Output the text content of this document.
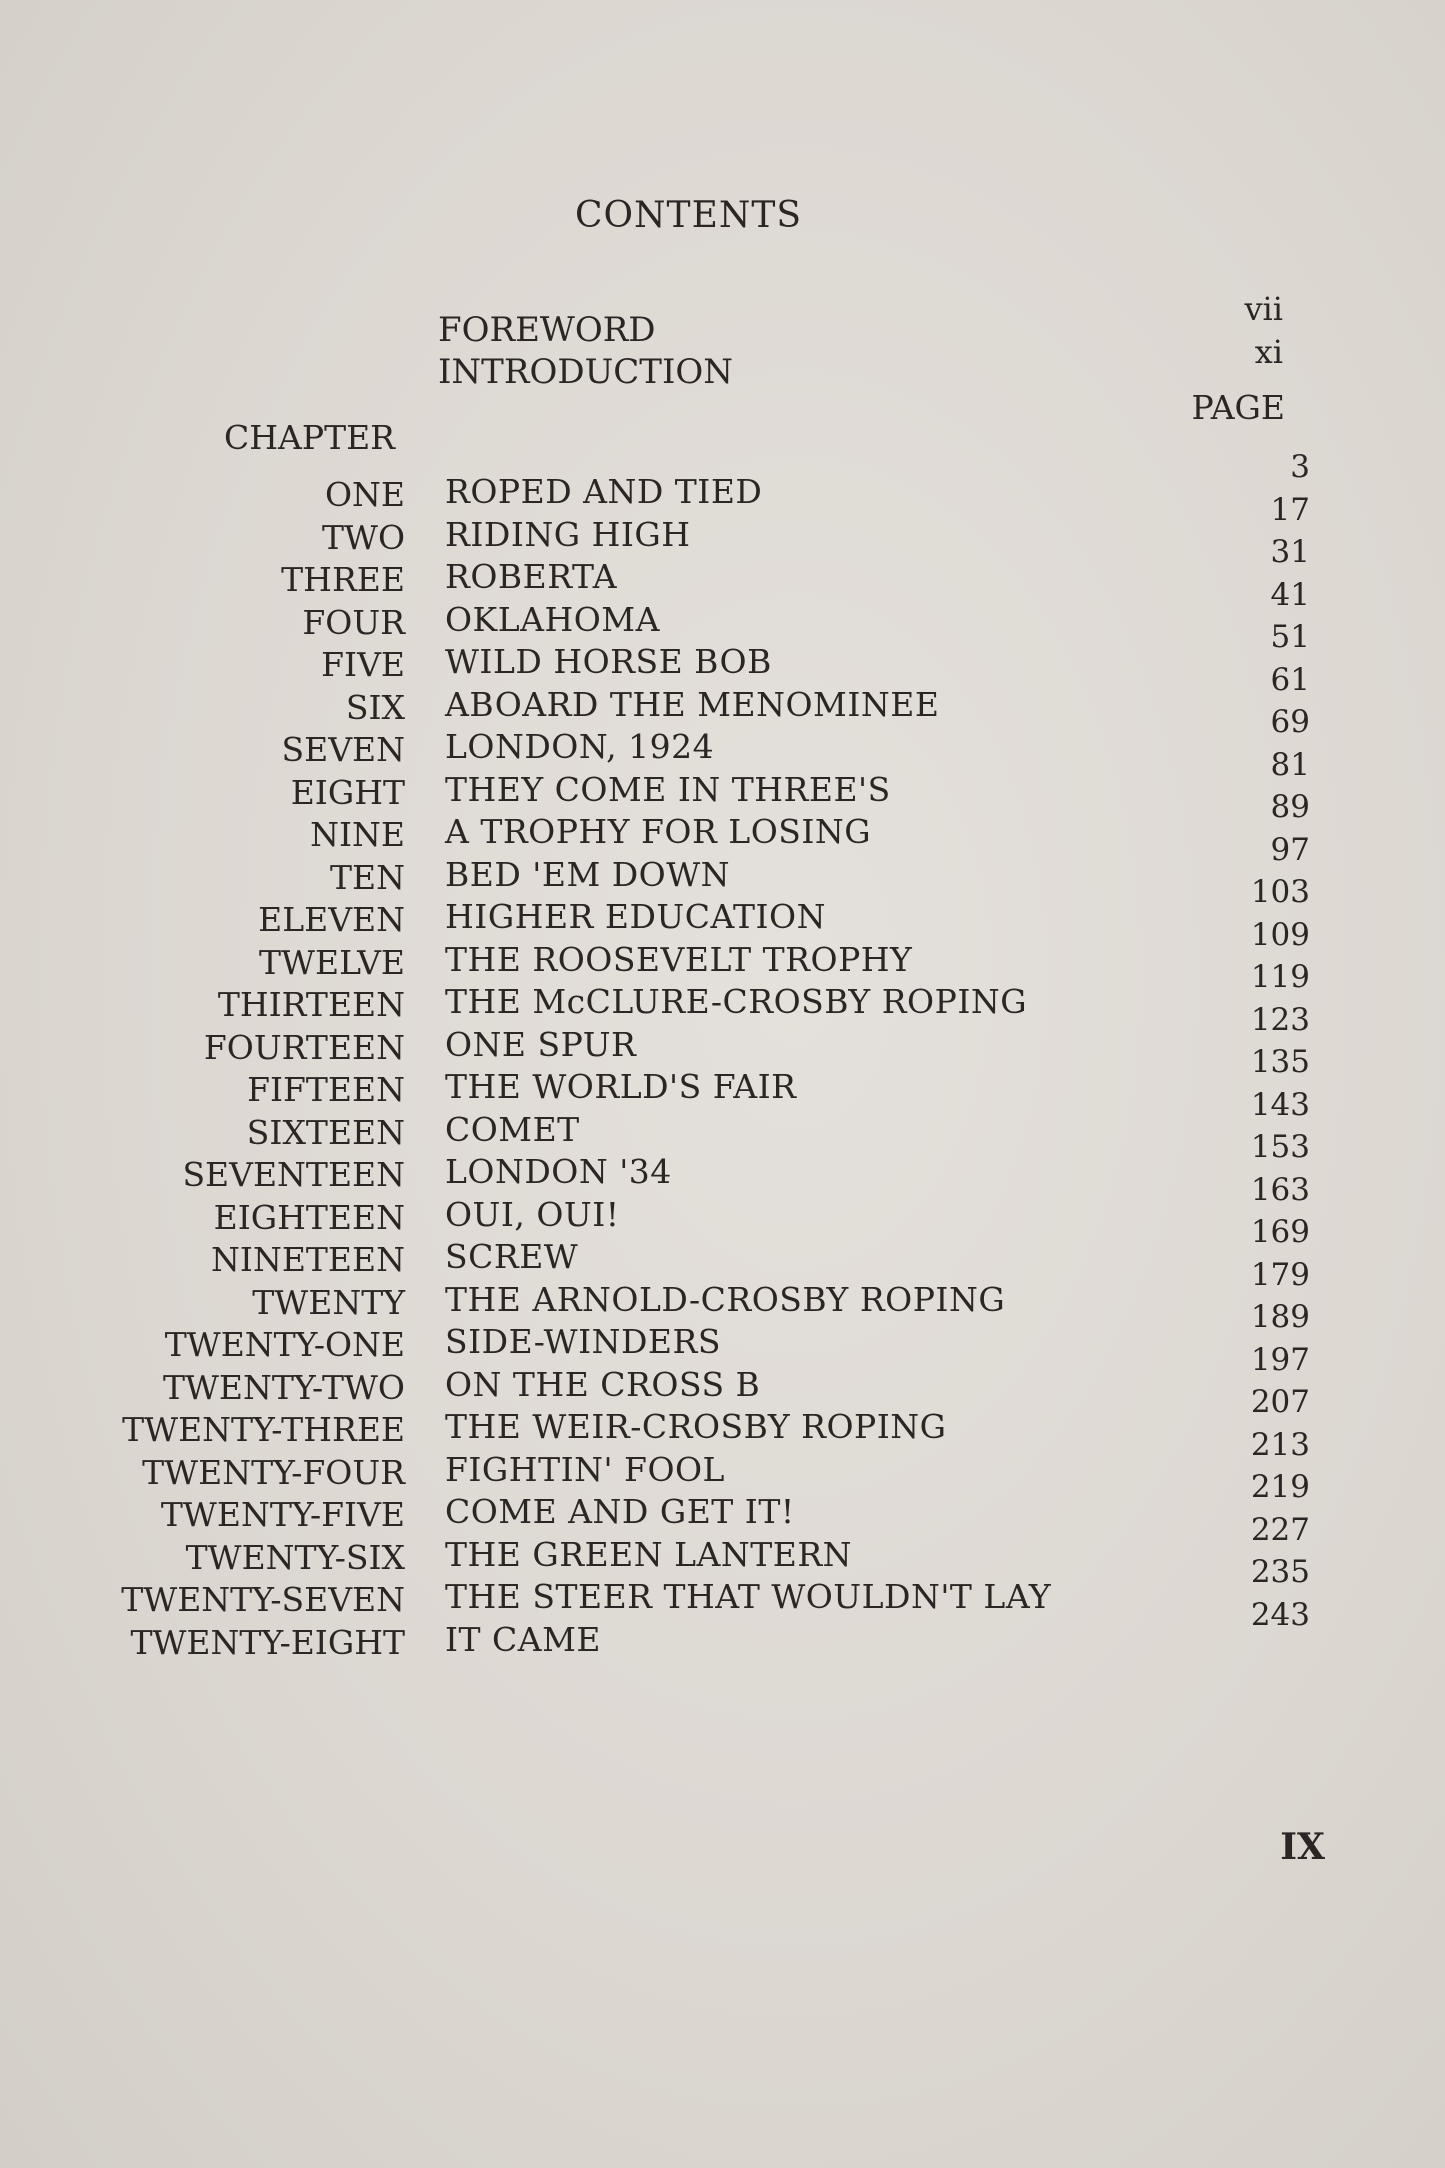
CONTENTS
FOREWORD
vii
INTRODUCTION	xi
CHAPTER
PAGE
ONE ROPED AND TIED
3
TWO RIDING HIGH
17
THREE ROBERTA
31
FOUR OKLAHOMA
41
FIVE WILD HORSE BOB
51
SIX ABOARD THE MENOMINEE
61
SEVEN LONDON, 1924
69
EIGHT THEY COME IN THREE'S
81
NINE A TROPHY FOR LOSING
89
TEN BED 'EM DOWN
97
ELEVEN HIGHER EDUCATION
103
TWELVE THE ROOSEVELT TROPHY
109
THIRTEEN THE McCLURE-CROSBY ROPING
119
FOURTEEN ONE SPUR
123
FIFTEEN THE WORLD'S FAIR
135
SIXTEEN COMET
143
SEVENTEEN LONDON '34
153
EIGHTEEN OUI, OUI!
163
NINETEEN SCREW
169
TWENTY THE ARNOLD-CROSBY ROPING
179
TWENTY-ONE SIDE-WINDERS
189
TWENTY-TWO ON THE CROSS B
197
TWENTY-THREE THE WEIR-CROSBY ROPING
207
TWENTY-FOUR FIGHTIN' FOOL
213
TWENTY-FIVE COME AND GET IT!
219
TWENTY-SIX THE GREEN LANTERN
227
TWENTY-SEVEN THE STEER THAT WOULDN'T LAY
235
TWENTY-EIGHT IT CAME
243
IX
